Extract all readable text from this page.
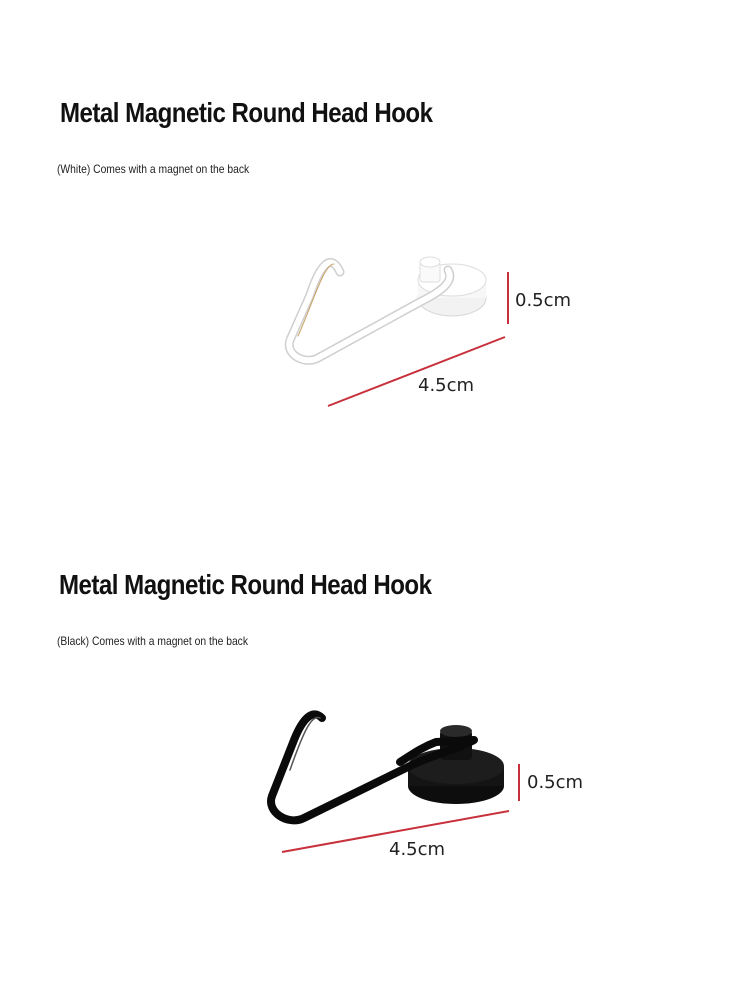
Metal Magnetic Round Head Hook
(White) Comes with a magnet on the back
0.5cm
4.5cm
Metal Magnetic Round Head Hook
(Black) Comes with a magnet on the back
0.5cm
4.5cm
